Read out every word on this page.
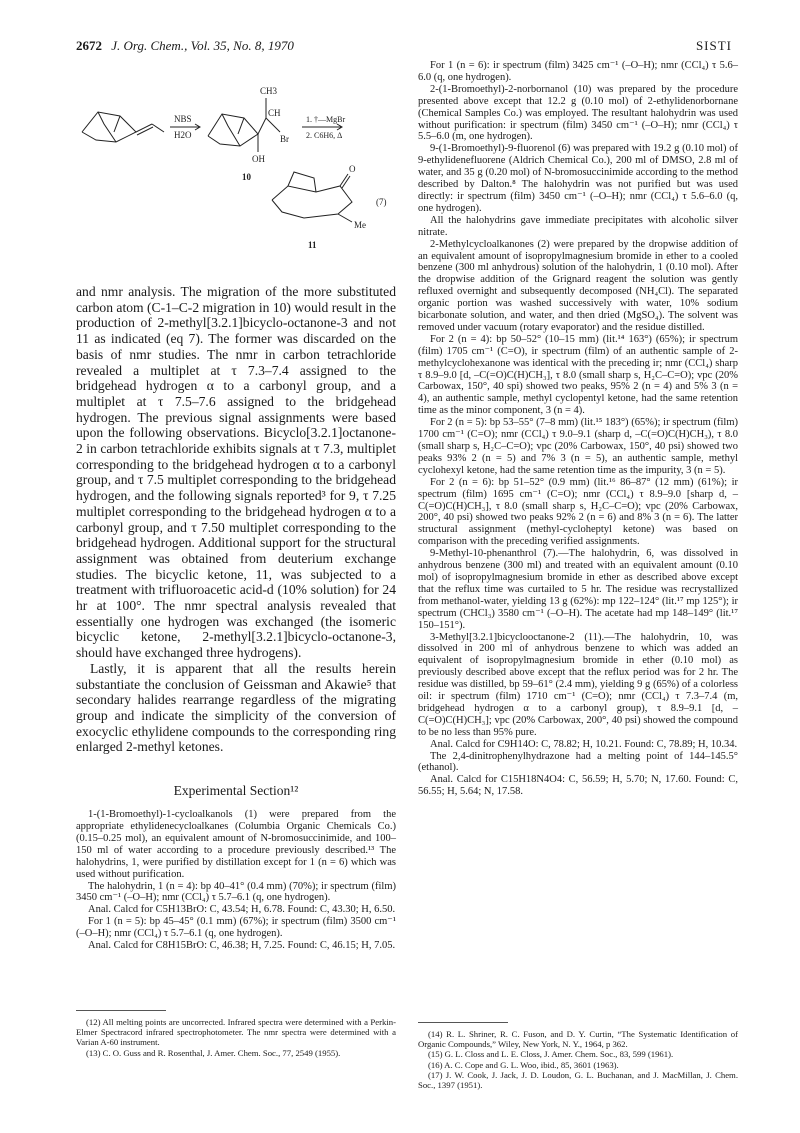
2672 J. Org. Chem., Vol. 35, No. 8, 1970	SISTI
NBS
H2O
CH3
CH
Br
OH
10
1. †—MgBr
2. C6H6, Δ
O
Me
(7)
11

and nmr analysis. The migration of the more substituted carbon atom (C-1–C-2 migration in 10) would result in the production of 2-methyl[3.2.1]bicyclo-octanone-3 and not 11 as indicated (eq 7). The former was discarded on the basis of nmr studies. The nmr in carbon tetrachloride revealed a multiplet at τ 7.3–7.4 assigned to the bridgehead hydrogen α to a carbonyl group, and a multiplet at τ 7.5–7.6 assigned to the bridgehead hydrogen. The previous signal assignments were based upon the following observations. Bicyclo[3.2.1]octanone-2 in carbon tetrachloride exhibits signals at τ 7.3, multiplet corresponding to the bridgehead hydrogen α to a carbonyl group, and τ 7.5 multiplet corresponding to the bridgehead hydrogen, and the following signals reported³ for 9, τ 7.25 multiplet corresponding to the bridgehead hydrogen α to a carbonyl group, and τ 7.50 multiplet corresponding to the bridgehead hydrogen. Additional support for the structural assignment was obtained from deuterium exchange studies. The bicyclic ketone, 11, was subjected to a treatment with trifluoroacetic acid-d (10% solution) for 24 hr at 100°. The nmr spectral analysis revealed that essentially one hydrogen was exchanged (the isomeric bicyclic ketone, 2-methyl[3.2.1]bicyclo-octanone-3, should have exchanged three hydrogens).

Lastly, it is apparent that all the results herein substantiate the conclusion of Geissman and Akawie⁵ that secondary halides rearrange regardless of the migrating group and indicate the simplicity of the conversion of exocyclic ethylidene compounds to the corresponding ring enlarged 2-methyl ketones.

Experimental Section¹²

1-(1-Bromoethyl)-1-cycloalkanols (1) were prepared from the appropriate ethylidenecycloalkanes (Columbia Organic Chemicals Co.) (0.15–0.25 mol), an equivalent amount of N-bromosuccinimide, and 100–150 ml of water according to a procedure previously described.¹³ The halohydrins, 1, were purified by distillation except for 1 (n = 6) which was used without purification.

The halohydrin, 1 (n = 4): bp 40–41° (0.4 mm) (70%); ir spectrum (film) 3450 cm⁻¹ (–O–H); nmr (CCl₄) τ 5.7–6.1 (q, one hydrogen).

Anal. Calcd for C5H13BrO: C, 43.54; H, 6.78. Found: C, 43.30; H, 6.50.

For 1 (n = 5): bp 45–45° (0.1 mm) (67%); ir spectrum (film) 3500 cm⁻¹ (–O–H); nmr (CCl₄) τ 5.7–6.1 (q, one hydrogen).

Anal. Calcd for C8H15BrO: C, 46.38; H, 7.25. Found: C, 46.15; H, 7.05.

(12) All melting points are uncorrected. Infrared spectra were determined with a Perkin-Elmer Spectracord infrared spectrophotometer. The nmr spectra were determined with a Varian A-60 instrument.

(13) C. O. Guss and R. Rosenthal, J. Amer. Chem. Soc., 77, 2549 (1955).

For 1 (n = 6): ir spectrum (film) 3425 cm⁻¹ (–O–H); nmr (CCl₄) τ 5.6–6.0 (q, one hydrogen).

2-(1-Bromoethyl)-2-norbornanol (10) was prepared by the procedure presented above except that 12.2 g (0.10 mol) of 2-ethylidenorbornane (Chemical Samples Co.) was employed. The resultant halohydrin was used without purification: ir spectrum (film) 3450 cm⁻¹ (–O–H); nmr (CCl₄) τ 5.5–6.0 (m, one hydrogen).

9-(1-Bromoethyl)-9-fluorenol (6) was prepared with 19.2 g (0.10 mol) of 9-ethylidenefluorene (Aldrich Chemical Co.), 200 ml of DMSO, 2.8 ml of water, and 35 g (0.20 mol) of N-bromosuccinimide according to the method described by Dalton.⁸ The halohydrin was not purified but was used directly: ir spectrum (film) 3450 cm⁻¹ (–O–H); nmr (CCl₄) τ 5.6–6.0 (q, one hydrogen).

All the halohydrins gave immediate precipitates with alcoholic silver nitrate.

2-Methylcycloalkanones (2) were prepared by the dropwise addition of an equivalent amount of isopropylmagnesium bromide in ether to a cooled benzene (300 ml anhydrous) solution of the halohydrin, 1 (0.10 mol). After the dropwise addition of the Grignard reagent the solution was gently refluxed overnight and subsequently decomposed (NH₄Cl). The separated organic portion was washed successively with water, 10% sodium bicarbonate solution, and water, and then dried (MgSO₄). The solvent was removed under vacuum (rotary evaporator) and the residue distilled.

For 2 (n = 4): bp 50–52° (10–15 mm) (lit.¹⁴ 163°) (65%); ir spectrum (film) 1705 cm⁻¹ (C=O), ir spectrum (film) of an authentic sample of 2-methylcyclohexanone was identical with the preceding ir; nmr (CCl₄) sharp τ 8.9–9.0 [d, –C(=O)C(H)CH₃], τ 8.0 (small sharp s, H₂C–C=O); vpc (20% Carbowax, 150°, 40 spi) showed two peaks, 95% 2 (n = 4) and 5% 3 (n = 4), an authentic sample, methyl cyclopentyl ketone, had the same retention time as the minor component, 3 (n = 4).

For 2 (n = 5): bp 53–55° (7–8 mm) (lit.¹⁵ 183°) (65%); ir spectrum (film) 1700 cm⁻¹ (C=O); nmr (CCl₄) τ 9.0–9.1 (sharp d, –C(=O)C(H)CH₃), τ 8.0 (small sharp s, H₂C–C=O); vpc (20% Carbowax, 150°, 40 psi) showed two peaks 93% 2 (n = 5) and 7% 3 (n = 5), an authentic sample, methyl cyclohexyl ketone, had the same retention time as the impurity, 3 (n = 5).

For 2 (n = 6): bp 51–52° (0.9 mm) (lit.¹⁶ 86–87° (12 mm) (61%); ir spectrum (film) 1695 cm⁻¹ (C=O); nmr (CCl₄) τ 8.9–9.0 [sharp d, –C(=O)C(H)CH₃], τ 8.0 (small sharp s, H₂C–C=O); vpc (20% Carbowax, 200°, 40 psi) showed two peaks 92% 2 (n = 6) and 8% 3 (n = 6). The latter structural assignment (methyl-cycloheptyl ketone) was based on comparison with the preceding verified assignments.

9-Methyl-10-phenanthrol (7).—The halohydrin, 6, was dissolved in anhydrous benzene (300 ml) and treated with an equivalent amount (0.10 mol) of isopropylmagnesium bromide in ether as described above except that the reflux time was curtailed to 5 hr. The residue was recrystallized from methanol-water, yielding 13 g (62%): mp 122–124° (lit.¹⁷ mp 125°); ir spectrum (CHCl₃) 3580 cm⁻¹ (–O–H). The acetate had mp 148–149° (lit.¹⁷ 150–151°).

3-Methyl[3.2.1]bicyclooctanone-2 (11).—The halohydrin, 10, was dissolved in 200 ml of anhydrous benzene to which was added an equivalent of isopropylmagnesium bromide in ether (0.10 mol) as previously described above except that the reflux period was for 2 hr. The residue was distilled, bp 59–61° (2.4 mm), yielding 9 g (65%) of a colorless oil: ir spectrum (film) 1710 cm⁻¹ (C=O); nmr (CCl₄) τ 7.3–7.4 (m, bridgehead hydrogen α to a carbonyl group), τ 8.9–9.1 [d, –C(=O)C(H)CH₃]; vpc (20% Carbowax, 200°, 40 psi) showed the compound to be no less than 95% pure.

Anal. Calcd for C9H14O: C, 78.82; H, 10.21. Found: C, 78.89; H, 10.34.

The 2,4-dinitrophenylhydrazone had a melting point of 144–145.5° (ethanol).

Anal. Calcd for C15H18N4O4: C, 56.59; H, 5.70; N, 17.60. Found: C, 56.55; H, 5.64; N, 17.58.

(14) R. L. Shriner, R. C. Fuson, and D. Y. Curtin, “The Systematic Identification of Organic Compounds,” Wiley, New York, N. Y., 1964, p 362.

(15) G. L. Closs and L. E. Closs, J. Amer. Chem. Soc., 83, 599 (1961).

(16) A. C. Cope and G. L. Woo, ibid., 85, 3601 (1963).

(17) J. W. Cook, J. Jack, J. D. Loudon, G. L. Buchanan, and J. MacMillan, J. Chem. Soc., 1397 (1951).
